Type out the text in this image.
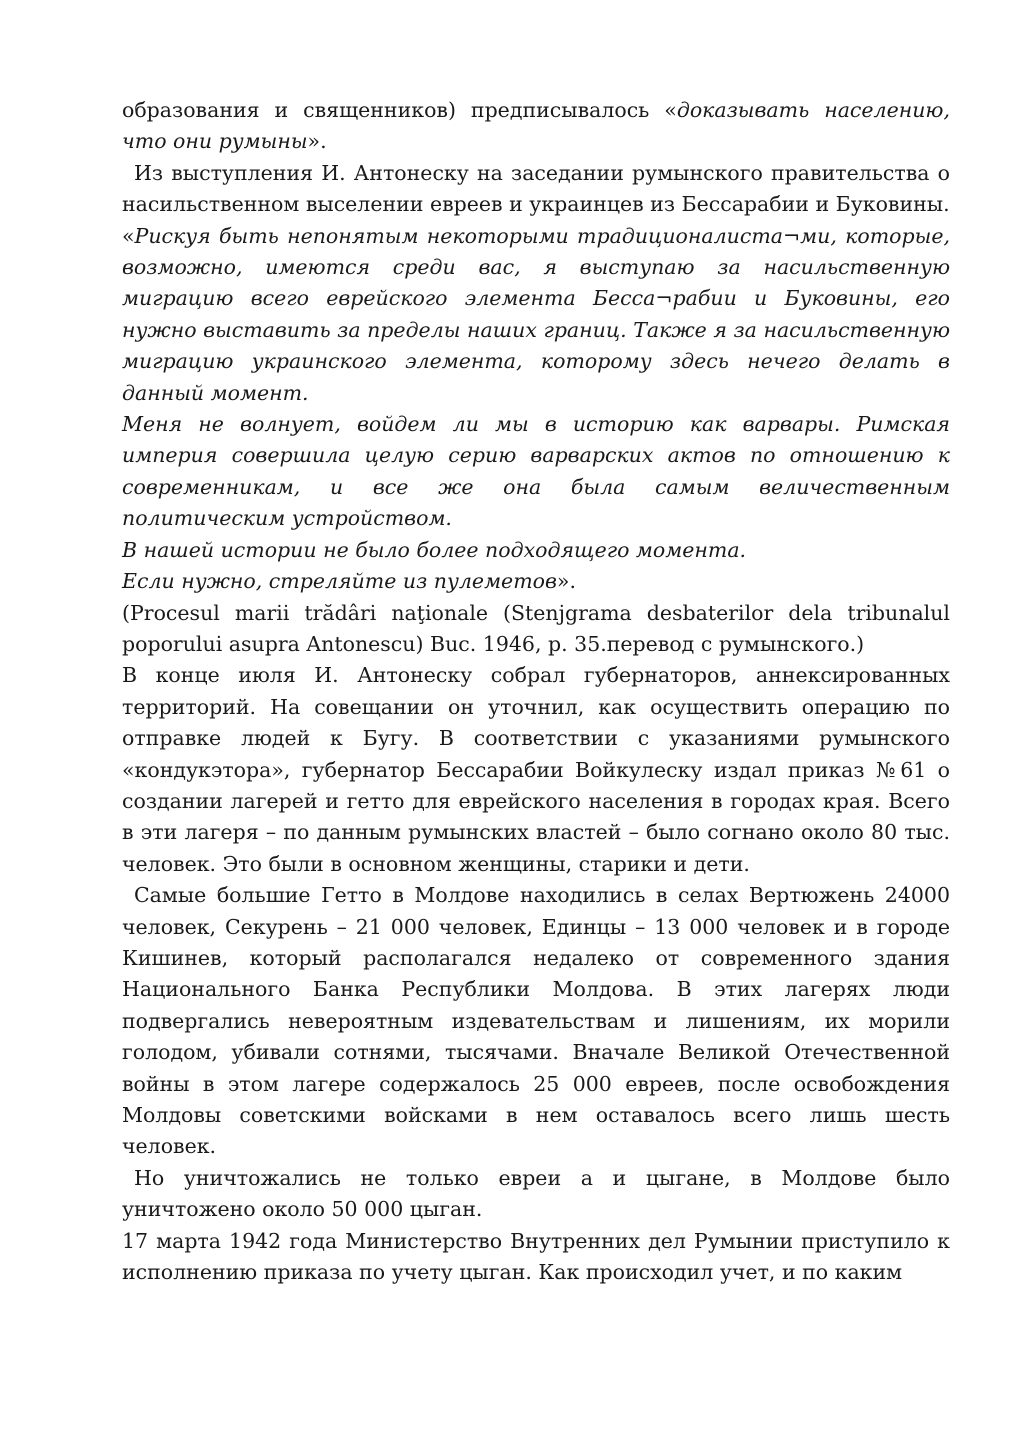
образования и священников) предписывалось «доказывать населению, что они румыны».

Из выступления И. Антонеску на заседании румынского правительства о насильственном выселении евреев и украинцев из Бессарабии и Буковины.

«Рискуя быть непонятым некоторыми традиционалиста¬ми, которые, возможно, имеются среди вас, я выступаю за насильственную миграцию всего еврейского элемента Бесса¬рабии и Буковины, его нужно выставить за пределы наших границ. Также я за насильственную миграцию украинского элемента, которому здесь нечего делать в данный момент.

Меня не волнует, войдем ли мы в историю как варвары. Римская империя совершила целую серию варварских актов по отношению к современникам, и все же она была самым величественным политическим устройством.

В нашей истории не было более подходящего момента.

Если нужно, стреляйте из пулеметов».

(Procesul marii trădâri naţionale (Stenjgrama desbaterilor dela tribunalul poporului asupra Antonescu) Buc. 1946, p. 35.перевод с румынского.)

В конце июля И. Антонеску собрал губернаторов, аннексированных территорий. На совещании он уточнил, как осуществить операцию по отправке людей к Бугу. В соответствии с указаниями румынского «кондукэтора», губернатор Бессарабии Войкулеску издал приказ №61 о создании лагерей и гетто для еврейского населения в городах края. Всего в эти лагеря – по данным румынских властей – было согнано около 80 тыс. человек. Это были в основном женщины, старики и дети.

Самые большие Гетто в Молдове находились в селах Вертюжень 24000 человек, Секурень – 21 000 человек, Единцы – 13 000 человек и в городе Кишинев, который располагался недалеко от современного здания Национального Банка Республики Молдова. В этих лагерях люди подвергались невероятным издевательствам и лишениям, их морили голодом, убивали сотнями, тысячами. Вначале Великой Отечественной войны в этом лагере содержалось 25 000 евреев, после освобождения Молдовы советскими войсками в нем оставалось всего лишь шесть человек.

Но уничтожались не только евреи а и цыгане, в Молдове было уничтожено около 50 000 цыган.

17 марта 1942 года Министерство Внутренних дел Румынии приступило к исполнению приказа по учету цыган. Как происходил учет, и по каким
